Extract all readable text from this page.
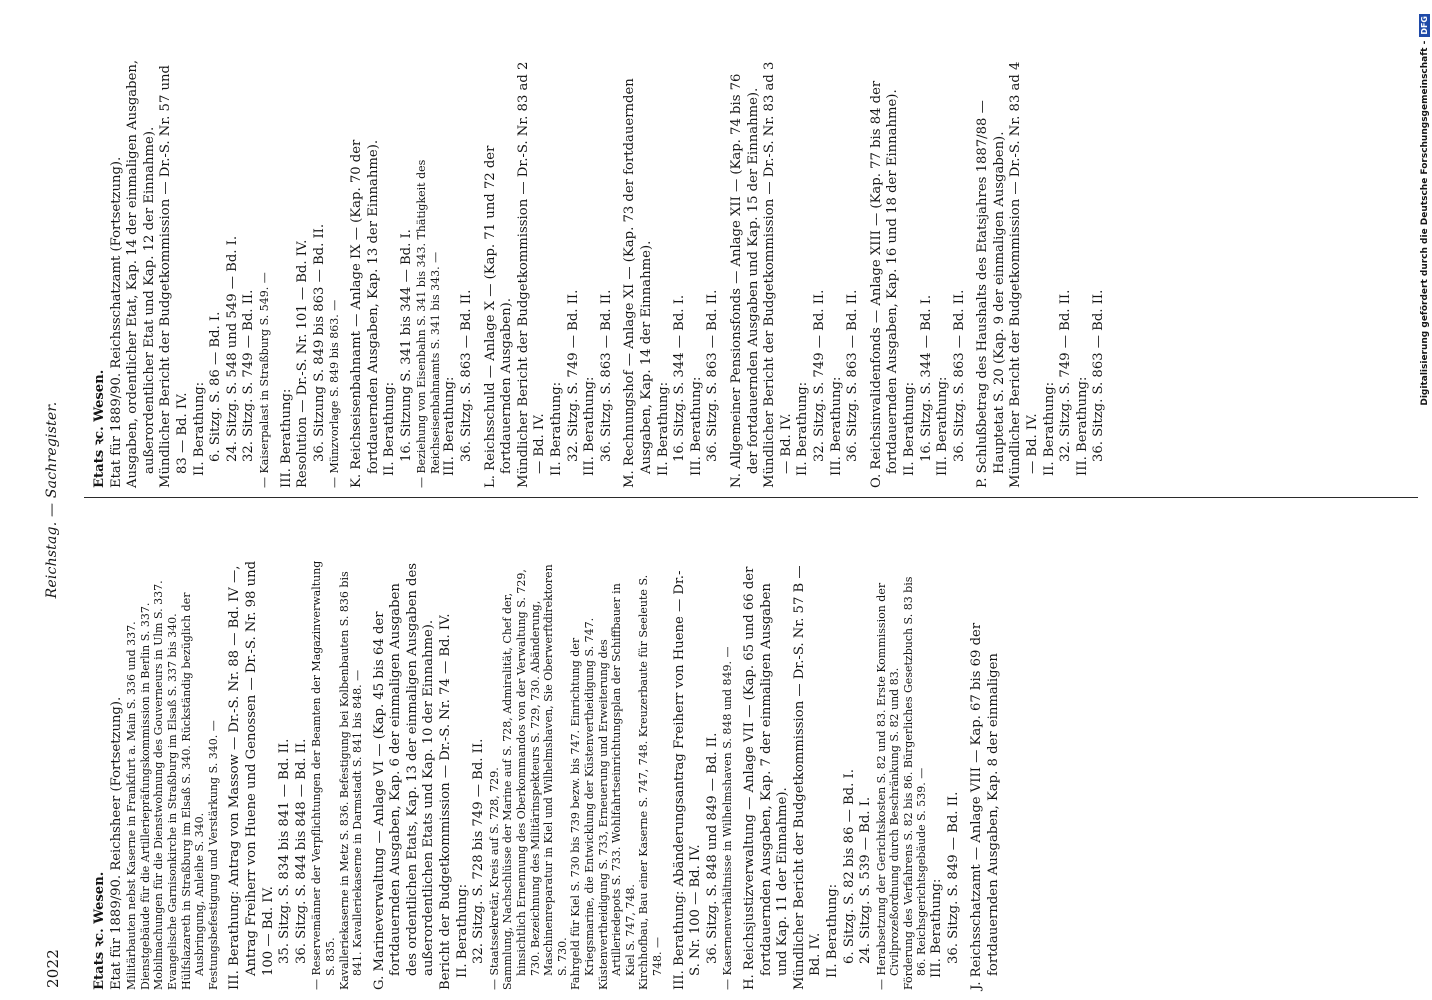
2022
Reichstag. — Sachregister.

Etats ꝛc. Wesen. Etat für 1889/90. Reichsheer (Fortsetzung). Militärbauten nebst Kaserne in Frankfurt a. Main S. 336 und 337. Dienstgebäude für die Artilleriepräfungskommission in Berlin S. 337. Mobilmachungen für die Dienstwohnung des Gouverneurs in Ulm S. 337. Evangelische Garnisonkirche in Straßburg im Elsaß S. 337 bis 340. Hülfslazareth in Straßburg im Elsaß S. 340. Rückständig bezüglich der Ausbringung, Anleihe S. 340. Festungsbefestigung und Verstärkung S. 340. — III. Berathung: Antrag von Massow — Dr.-S. Nr. 88 — Bd. IV —, Antrag Freiherr von Huene und Genossen — Dr.-S. Nr. 98 und 100 — Bd. IV. 35. Sitzg. S. 834 bis 841 — Bd. II. 36. Sitzg. S. 844 bis 848 — Bd. II. — Reservemänner der Verpflichtungen der Beamten der Magazinverwaltung S. 835. Kavalleriekaserne in Metz S. 836. Befestigung bei Kolbenbauten S. 836 bis 841. Kavalleriekaserne in Darmstadt S. 841 bis 848. — G. Marineverwaltung — Anlage VI — (Kap. 45 bis 64 der fortdauernden Ausgaben, Kap. 6 der einmaligen Ausgaben des ordentlichen Etats, Kap. 13 der einmaligen Ausgaben des außerordentlichen Etats und Kap. 10 der Einnahme). Bericht der Budgetkommission — Dr.-S. Nr. 74 — Bd. IV. II. Berathung: 32. Sitzg. S. 728 bis 749 — Bd. II. — Staatssekretär, Kreis auf S. 728, 729. Sammlung, Nachschlüsse der Marine auf S. 728, Admiralität, Chef der, hinsichtlich Ernennung des Oberkommandos von der Verwaltung S. 729, 730. Bezeichnung des Militärinspekteurs S. 729, 730. Abänderung, Maschinenreparatur in Kiel und Wilhelmshaven, Sie Oberwerftdirektoren S. 730. Fahrgeld für Kiel S. 730 bis 739 bezw. bis 747. Einrichtung der Kriegsmarine, die Entwicklung der Küstenvertheidigung S. 747. Küstenvertheidigung S. 733, Erneuerung und Erweiterung des Artilleriedepots S. 733. Wohlfahrtseinrichtungsplan der Schiffbauer in Kiel S. 747, 748. Kirchhofbau, Bau einer Kaserne S. 747, 748. Kreuzerbaute für Seeleute S. 748. — III. Berathung: Abänderungsantrag Freiherr von Huene — Dr.-S. Nr. 100 — Bd. IV. 36. Sitzg. S. 848 und 849 — Bd. II. — Kasernenverhältnisse in Wilhelmshaven S. 848 und 849. — H. Reichsjustizverwaltung — Anlage VII — (Kap. 65 und 66 der fortdauernden Ausgaben, Kap. 7 der einmaligen Ausgaben und Kap. 11 der Einnahme). Mündlicher Bericht der Budgetkommission — Dr.-S. Nr. 57 B — Bd. IV. II. Berathung: 6. Sitzg. S. 82 bis 86 — Bd. I. 24. Sitzg. S. 539 — Bd. I. — Herabsetzung der Gerichtskosten S. 82 und 83. Erste Kommission der Civilprozeßordnung durch Beschränkung S. 82 und 83. Förderung des Verfahrens S. 82 bis 86. Bürgerliches Gesetzbuch S. 83 bis 86. Reichsgerichtsgebäude S. 539. — III. Berathung: 36. Sitzg. S. 849 — Bd. II. J. Reichsschatzamt — Anlage VIII — Kap. 67 bis 69 der fortdauernden Ausgaben, Kap. 8 der einmaligen

Etats ꝛc. Wesen. Etat für 1889/90. Reichsschatzamt (Fortsetzung). Ausgaben, ordentlicher Etat, Kap. 14 der einmaligen Ausgaben, außerordentlicher Etat und Kap. 12 der Einnahme). Mündlicher Bericht der Budgetkommission — Dr.-S. Nr. 57 und 83 — Bd. IV. II. Berathung: 6. Sitzg. S. 86 — Bd. I. 24. Sitzg. S. 548 und 549 — Bd. I. 32. Sitzg. S. 749 — Bd. II. — Kaiserpalast in Straßburg S. 549. — III. Berathung: Resolution — Dr.-S. Nr. 101 — Bd. IV. 36. Sitzung S. 849 bis 863 — Bd. II. — Münzvorlage S. 849 bis 863. — K. Reichseisenbahnamt — Anlage IX — (Kap. 70 der fortdauernden Ausgaben, Kap. 13 der Einnahme). II. Berathung: 16. Sitzung S. 341 bis 344 — Bd. I. — Beziehung von Eisenbahn S. 341 bis 343. Thätigkeit des Reichseisenbahnamts S. 341 bis 343. — III. Berathung: 36. Sitzg. S. 863 — Bd. II. L. Reichsschuld — Anlage X — (Kap. 71 und 72 der fortdauernden Ausgaben). Mündlicher Bericht der Budgetkommission — Dr.-S. Nr. 83 ad 2 — Bd. IV. II. Berathung: 32. Sitzg. S. 749 — Bd. II. III. Berathung: 36. Sitzg. S. 863 — Bd. II. M. Rechnungshof — Anlage XI — (Kap. 73 der fortdauernden Ausgaben, Kap. 14 der Einnahme). II. Berathung: 16. Sitzg. S. 344 — Bd. I. III. Berathung: 36. Sitzg. S. 863 — Bd. II. N. Allgemeiner Pensionsfonds — Anlage XII — (Kap. 74 bis 76 der fortdauernden Ausgaben und Kap. 15 der Einnahme). Mündlicher Bericht der Budgetkommission — Dr.-S. Nr. 83 ad 3 — Bd. IV. II. Berathung: 32. Sitzg. S. 749 — Bd. II. III. Berathung: 36. Sitzg. S. 863 — Bd. II. O. Reichsinvalidenfonds — Anlage XIII — (Kap. 77 bis 84 der fortdauernden Ausgaben, Kap. 16 und 18 der Einnahme). II. Berathung: 16. Sitzg. S. 344 — Bd. I. III. Berathung: 36. Sitzg. S. 863 — Bd. II. P. Schlußbetrag des Haushalts des Etatsjahres 1887/88 — Hauptetat S. 20 (Kap. 9 der einmaligen Ausgaben). Mündlicher Bericht der Budgetkommission — Dr.-S. Nr. 83 ad 4 — Bd. IV. II. Berathung: 32. Sitzg. S. 749 — Bd. II. III. Berathung: 36. Sitzg. S. 863 — Bd. II.	Digitalisierung gefördert durch die Deutsche Forschungsgemeinschaft -DFG
